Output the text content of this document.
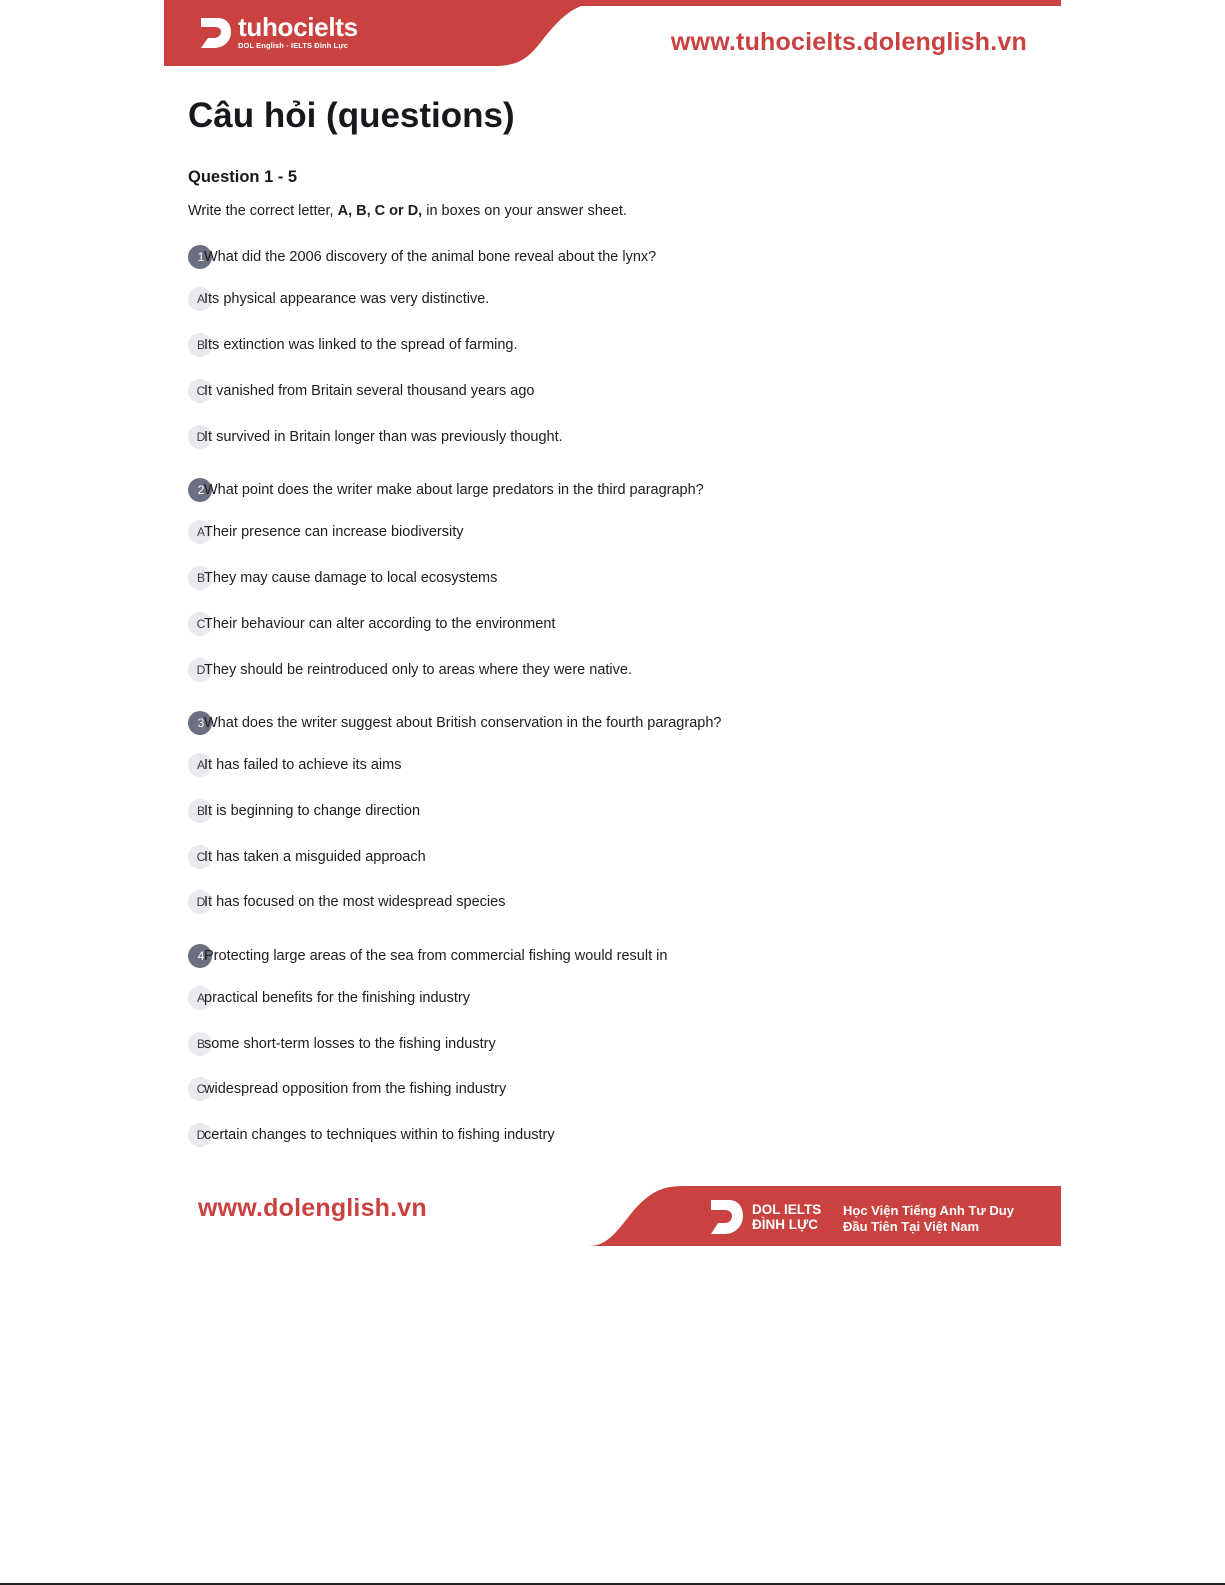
tuhocielts
DOL English - IELTS Đình Lực	www.tuhocielts.dolenglish.vn
Câu hỏi (questions)
Question 1 - 5
Write the correct letter, A, B, C or D, in boxes on your answer sheet.
1 What did the 2006 discovery of the animal bone reveal about the lynx?
A Its physical appearance was very distinctive.
B Its extinction was linked to the spread of farming.
C
It vanished from Britain several thousand years ago
D
It survived in Britain longer than was previously thought.
2 What point does the writer make about large predators in the third paragraph?
A Their presence can increase biodiversity
B They may cause damage to local ecosystems
C
Their behaviour can alter according to the environment
D
They should be reintroduced only to areas where they were native.
3 What does the writer suggest about British conservation in the fourth paragraph?
A It has failed to achieve its aims
B It is beginning to change direction
C
It has taken a misguided approach
D
It has focused on the most widespread species
4 Protecting large areas of the sea from commercial fishing would result in
A practical benefits for the finishing industry
B some short-term losses to the fishing industry
C
widespread opposition from the fishing industry
D
certain changes to techniques within to fishing industry
www.dolenglish.vn	DOL IELTS
ĐÌNH LỰC
Học Viện Tiếng Anh Tư Duy
Đầu Tiên Tại Việt Nam
